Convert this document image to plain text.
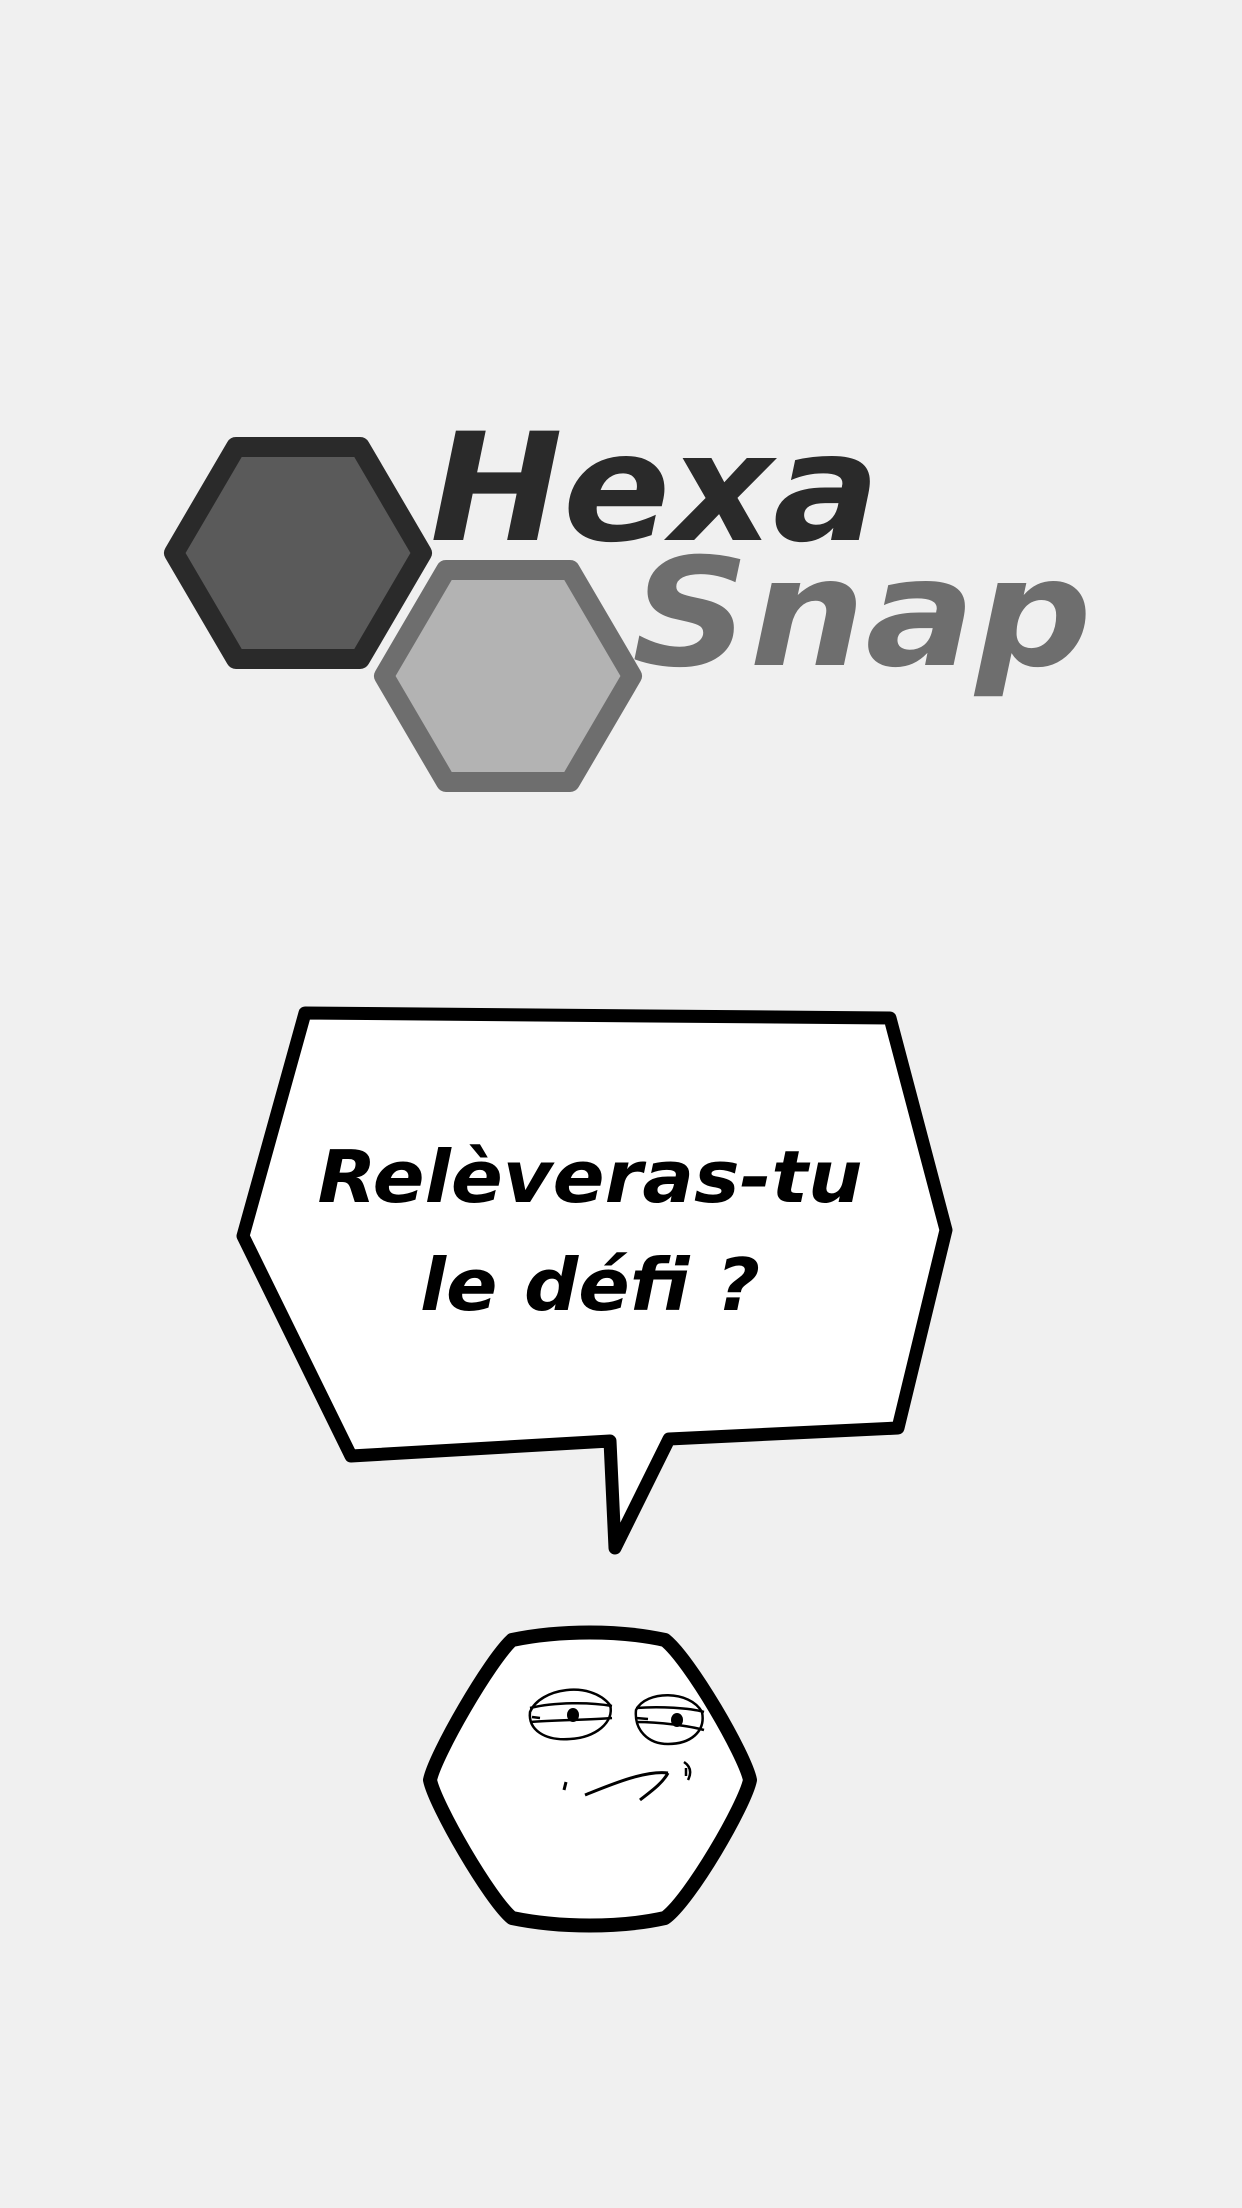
Hexa
Snap
Relèveras-tu
le défi ?
